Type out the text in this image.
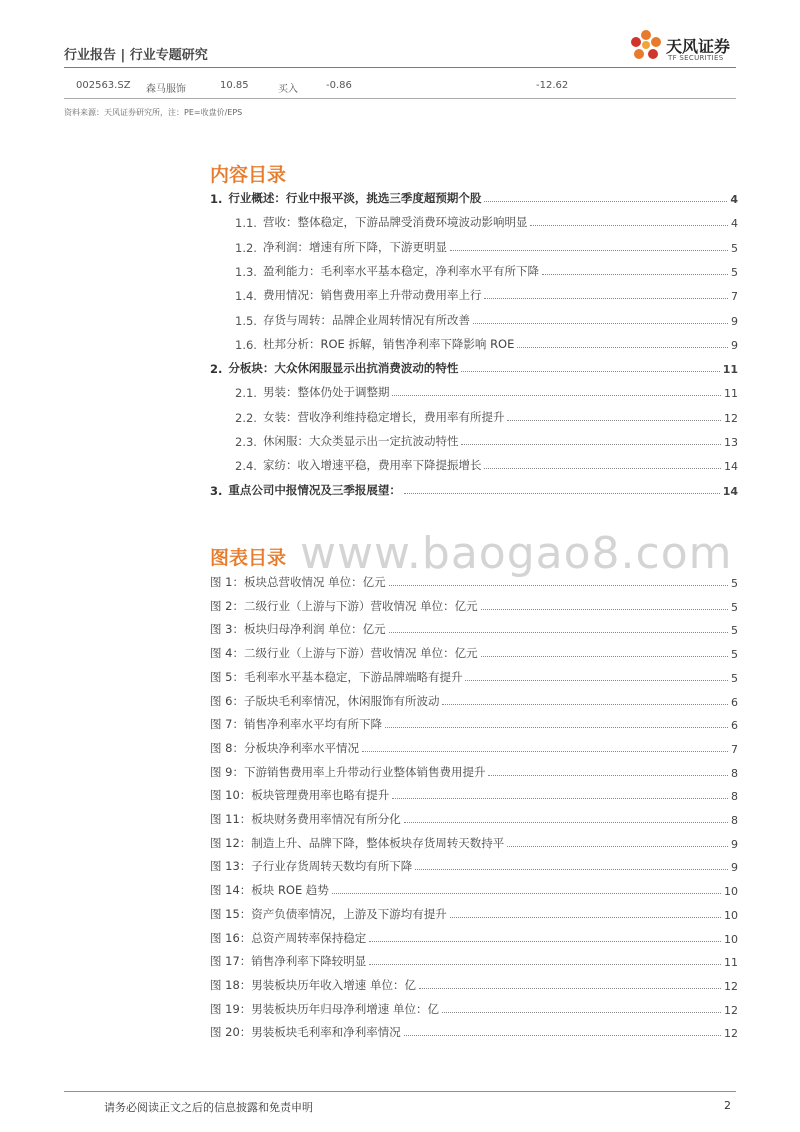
行业报告 | 行业专题研究	天风证券
TF SECURITIES
002563.SZ 森马服饰	10.85	买入	-0.86	-12.62
资料来源：天风证券研究所，注：PE=收盘价/EPS
内容目录
1. 行业概述：行业中报平淡，挑选三季度超预期个股	4
1.1. 营收：整体稳定，下游品牌受消费环境波动影响明显	4
1.2. 净利润：增速有所下降，下游更明显	5
1.3. 盈利能力：毛利率水平基本稳定，净利率水平有所下降	5
1.4. 费用情况：销售费用率上升带动费用率上行	7
1.5. 存货与周转：品牌企业周转情况有所改善	9
1.6. 杜邦分析：ROE 拆解，销售净利率下降影响 ROE	9
2. 分板块：大众休闲服显示出抗消费波动的特性	11
2.1. 男装：整体仍处于调整期	11
2.2. 女装：营收净利维持稳定增长，费用率有所提升	12
2.3. 休闲服：大众类显示出一定抗波动特性	13
2.4. 家纺：收入增速平稳，费用率下降提振增长	14
3. 重点公司中报情况及三季报展望：	14
www.baogao8.com
图表目录
图 1：板块总营收情况 单位：亿元	5
图 2：二级行业（上游与下游）营收情况 单位：亿元	5
图 3：板块归母净利润 单位：亿元	5
图 4：二级行业（上游与下游）营收情况 单位：亿元	5
图 5：毛利率水平基本稳定，下游品牌端略有提升	5
图 6：子版块毛利率情况，休闲服饰有所波动	6
图 7：销售净利率水平均有所下降	6
图 8：分板块净利率水平情况	7
图 9：下游销售费用率上升带动行业整体销售费用提升	8
图 10：板块管理费用率也略有提升	8
图 11：板块财务费用率情况有所分化	8
图 12：制造上升、品牌下降，整体板块存货周转天数持平	9
图 13：子行业存货周转天数均有所下降	9
图 14：板块 ROE 趋势	10
图 15：资产负债率情况，上游及下游均有提升	10
图 16：总资产周转率保持稳定	10
图 17：销售净利率下降较明显	11
图 18：男装板块历年收入增速 单位：亿	12
图 19：男装板块历年归母净利增速 单位：亿	12
图 20：男装板块毛利率和净利率情况	12
请务必阅读正文之后的信息披露和免责申明	2
